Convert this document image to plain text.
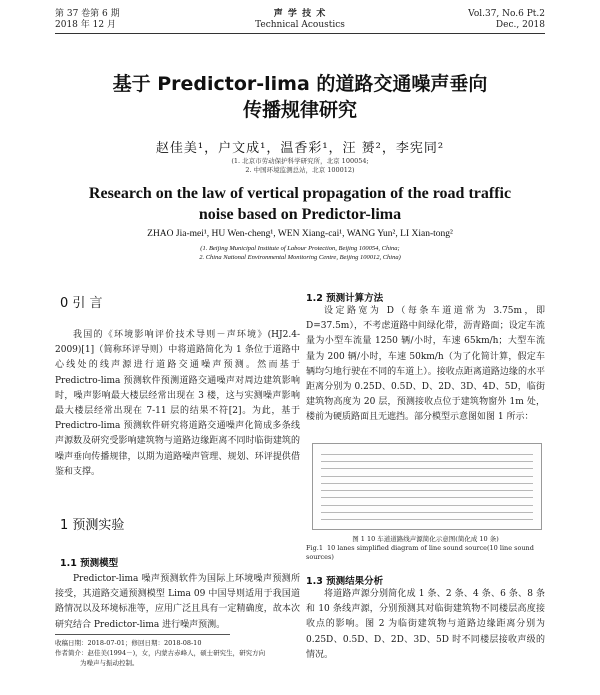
第 37 卷第 6 期
2018 年 12 月
声 学 技 术
Technical Acoustics
Vol.37, No.6 Pt.2
Dec., 2018
基于 Predictor-lima 的道路交通噪声垂向
传播规律研究
赵佳美¹，户文成¹，温香彩¹，汪 赟²，李宪同²
(1. 北京市劳动保护科学研究所，北京 100054;
2. 中国环境监测总站，北京 100012)
Research on the law of vertical propagation of the road traffic
noise based on Predictor-lima
ZHAO Jia-mei¹, HU Wen-cheng¹, WEN Xiang-cai¹, WANG Yun², LI Xian-tong²
(1. Beijing Municipal Institute of Labour Protection, Beijing 100054, China;
2. China National Environmental Monitoring Centre, Beijing 100012, China)
0 引 言

我国的《环境影响评价技术导则－声环境》(HJ2.4-2009)[1]（简称环评导则）中将道路简化为 1 条位于道路中心线处的线声源进行道路交通噪声预测。然而基于 Predictro-lima 预测软件预测道路交通噪声对周边建筑影响时，噪声影响最大楼层经常出现在 3 楼，这与实测噪声影响最大楼层经常出现在 7-11 层的结果不符[2]。为此，基于 Predictro-lima 预测软件研究将道路交通噪声化简成多条线声源数及研究受影响建筑物与道路边缘距离不同时临街建筑的噪声垂向传播规律，以期为道路噪声管理、规划、环评提供借鉴和支撑。

1 预测实验
1.1 预测模型

Predictor-lima 噪声预测软件为国际上环境噪声预测所接受，其道路交通预测模型 Lima 09 中国导则适用于我国道路情况以及环境标准等，应用广泛且具有一定精确度，故本次研究结合 Predictor-lima 进行噪声预测。

收稿日期：2018-07-01；修回日期：2018-08-10
作者简介：赵佳美(1994－)，女，内蒙古赤峰人，硕士研究生，研究方向
为噪声与振动控制。
1.2 预测计算方法

设定路宽为 D（每条车道道常为 3.75m，即 D=37.5m），不考虑道路中间绿化带，沥青路面；设定车流量为小型车流量 1250 辆/小时，车速 65km/h；大型车流量为 200 辆/小时，车速 50km/h（为了化简计算，假定车辆均匀地行驶在不同的车道上）。接收点距离道路边缘的水平距离分别为 0.25D、0.5D、D、2D、3D、4D、5D，临街建筑物高度为 20 层，预测接收点位于建筑物窗外 1m 处，楼前为硬质路面且无遮挡。部分模型示意图如图 1 所示：

图 1 10 车道道路线声源简化示意图(简化成 10 条)
Fig.1 10 lanes simplified diagram of line sound source(10 line sound sources)
1.3 预测结果分析

将道路声源分别简化成 1 条、2 条、4 条、6 条、8 条和 10 条线声源，分别预测其对临街建筑物不同楼层高度接收点的影响。图 2 为临街建筑物与道路边缘距离分别为 0.25D、0.5D、D、2D、3D、5D 时不同楼层接收声级的情况。
